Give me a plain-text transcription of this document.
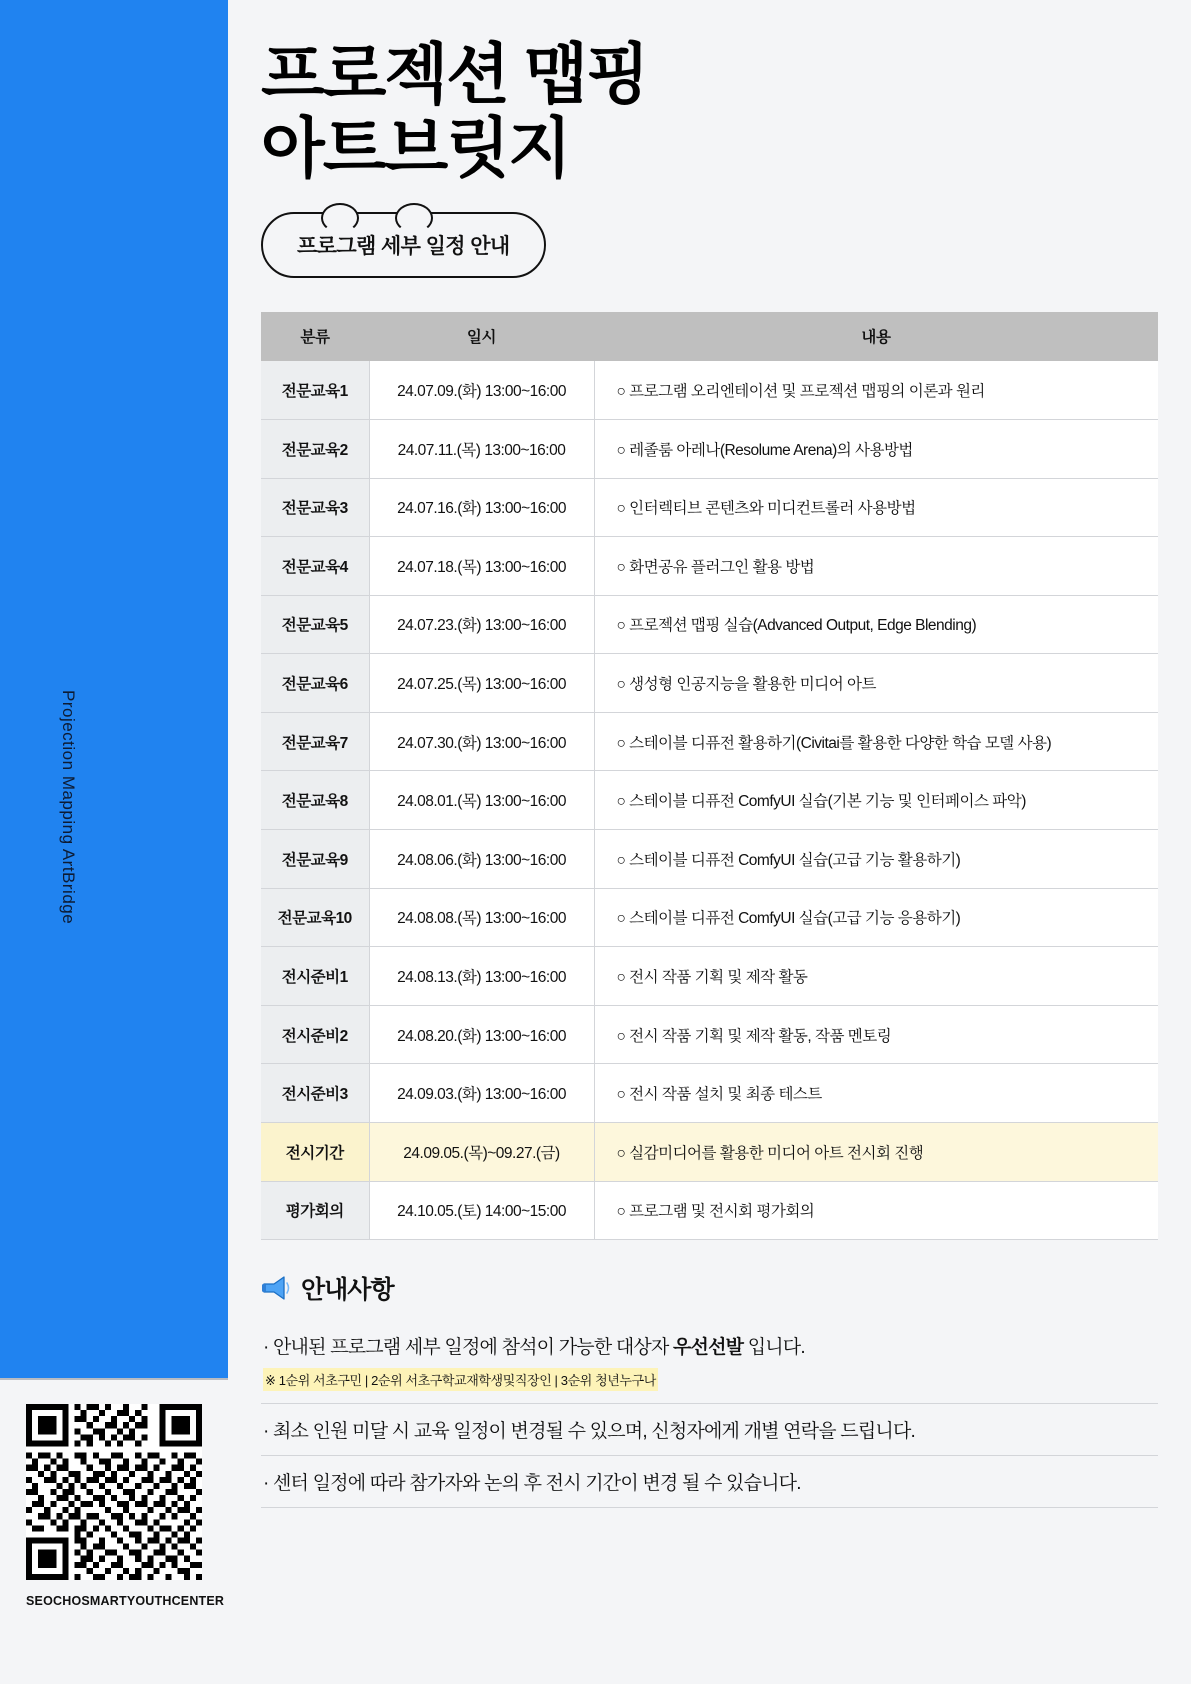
Projection Mapping ArtBridge
SEOCHOSMARTYOUTHCENTER
프로젝션 맵핑
아트브릿지
프로그램 세부 일정 안내
분류	일시	내용
전문교육1	24.07.09.(화) 13:00~16:00	○ 프로그램 오리엔테이션 및 프로젝션 맵핑의 이론과 원리
전문교육2	24.07.11.(목) 13:00~16:00	○ 레졸룸 아레나(Resolume Arena)의 사용방법
전문교육3	24.07.16.(화) 13:00~16:00	○ 인터렉티브 콘텐츠와 미디컨트롤러 사용방법
전문교육4	24.07.18.(목) 13:00~16:00	○ 화면공유 플러그인 활용 방법
전문교육5	24.07.23.(화) 13:00~16:00	○ 프로젝션 맵핑 실습(Advanced Output, Edge Blending)
전문교육6	24.07.25.(목) 13:00~16:00	○ 생성형 인공지능을 활용한 미디어 아트
전문교육7	24.07.30.(화) 13:00~16:00	○ 스테이블 디퓨전 활용하기(Civitai를 활용한 다양한 학습 모델 사용)
전문교육8	24.08.01.(목) 13:00~16:00	○ 스테이블 디퓨전 ComfyUI 실습(기본 기능 및 인터페이스 파악)
전문교육9	24.08.06.(화) 13:00~16:00	○ 스테이블 디퓨전 ComfyUI 실습(고급 기능 활용하기)
전문교육10	24.08.08.(목) 13:00~16:00	○ 스테이블 디퓨전 ComfyUI 실습(고급 기능 응용하기)
전시준비1	24.08.13.(화) 13:00~16:00	○ 전시 작품 기획 및 제작 활동
전시준비2	24.08.20.(화) 13:00~16:00	○ 전시 작품 기획 및 제작 활동, 작품 멘토링
전시준비3	24.09.03.(화) 13:00~16:00	○ 전시 작품 설치 및 최종 테스트
전시기간	24.09.05.(목)~09.27.(금)	○ 실감미디어를 활용한 미디어 아트 전시회 진행
평가회의	24.10.05.(토) 14:00~15:00	○ 프로그램 및 전시회 평가회의
안내사항
· 안내된 프로그램 세부 일정에 참석이 가능한 대상자 우선선발 입니다.
※ 1순위 서초구민 | 2순위 서초구학교재학생및직장인 | 3순위 청년누구나
· 최소 인원 미달 시 교육 일정이 변경될 수 있으며, 신청자에게 개별 연락을 드립니다.
· 센터 일정에 따라 참가자와 논의 후 전시 기간이 변경 될 수 있습니다.
